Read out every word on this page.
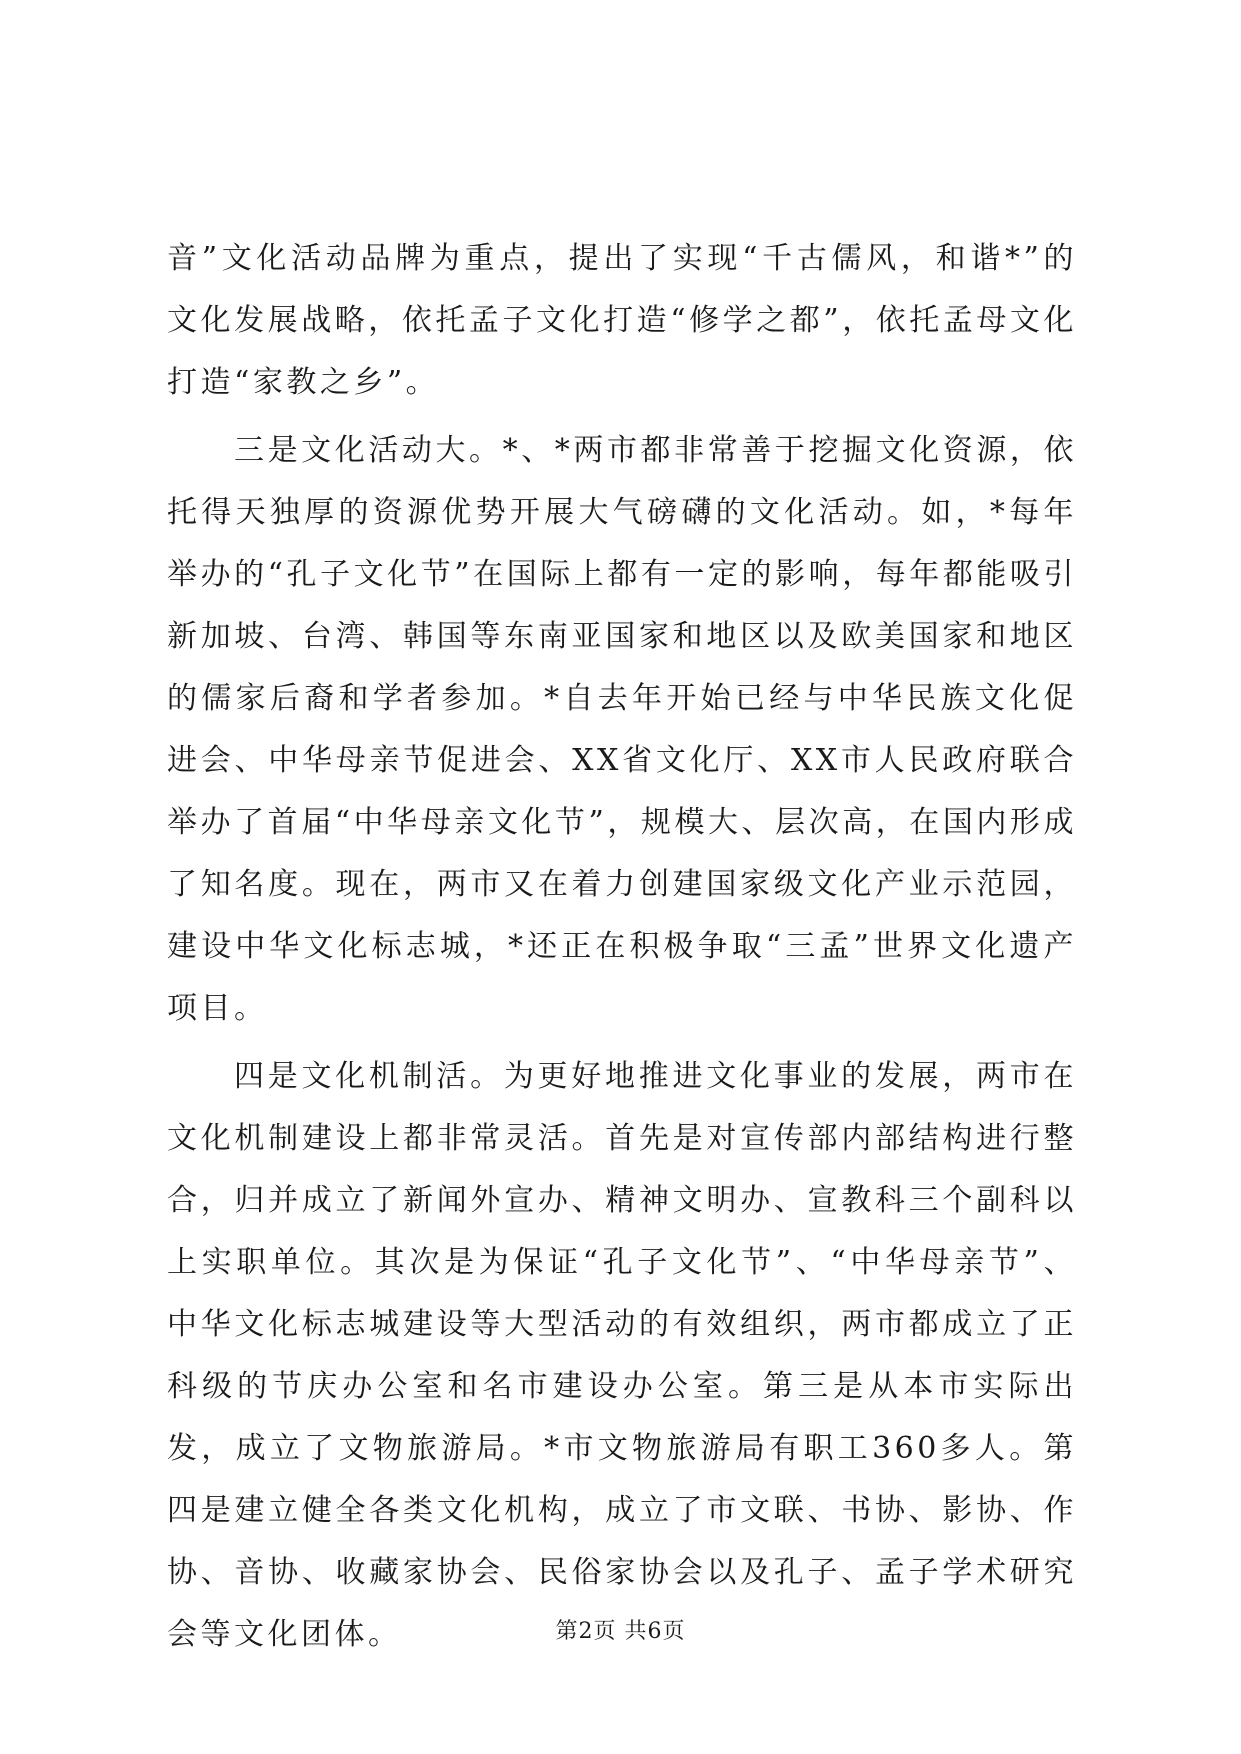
音”文化活动品牌为重点，提出了实现“千古儒风，和谐*”的文化发展战略，依托孟子文化打造“修学之都”，依托孟母文化打造“家教之乡”。

三是文化活动大。*、*两市都非常善于挖掘文化资源，依托得天独厚的资源优势开展大气磅礴的文化活动。如，*每年举办的“孔子文化节”在国际上都有一定的影响，每年都能吸引新加坡、台湾、韩国等东南亚国家和地区以及欧美国家和地区的儒家后裔和学者参加。*自去年开始已经与中华民族文化促进会、中华母亲节促进会、XX省文化厅、XX市人民政府联合举办了首届“中华母亲文化节”，规模大、层次高，在国内形成了知名度。现在，两市又在着力创建国家级文化产业示范园，建设中华文化标志城，*还正在积极争取“三孟”世界文化遗产项目。

四是文化机制活。为更好地推进文化事业的发展，两市在文化机制建设上都非常灵活。首先是对宣传部内部结构进行整合，归并成立了新闻外宣办、精神文明办、宣教科三个副科以上实职单位。其次是为保证“孔子文化节”、“中华母亲节”、中华文化标志城建设等大型活动的有效组织，两市都成立了正科级的节庆办公室和名市建设办公室。第三是从本市实际出发，成立了文物旅游局。*市文物旅游局有职工360多人。第四是建立健全各类文化机构，成立了市文联、书协、影协、作协、音协、收藏家协会、民俗家协会以及孔子、孟子学术研究会等文化团体。	第2页 共6页
